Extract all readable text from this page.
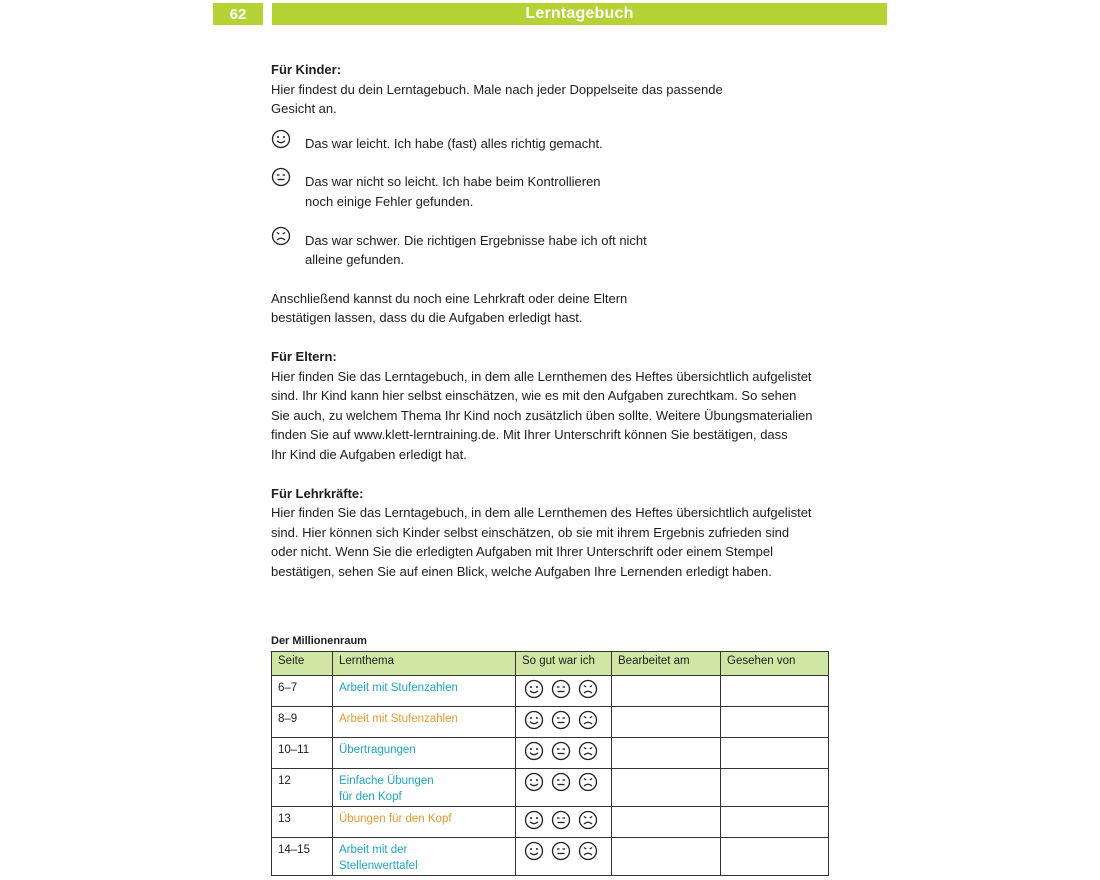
62	Lerntagebuch

Für Kinder:

Hier findest du dein Lerntagebuch. Male nach jeder Doppelseite das passende

Gesicht an.

Das war leicht. Ich habe (fast) alles richtig gemacht.

Das war nicht so leicht. Ich habe beim Kontrollieren

noch einige Fehler gefunden.

Das war schwer. Die richtigen Ergebnisse habe ich oft nicht

alleine gefunden.

Anschließend kannst du noch eine Lehrkraft oder deine Eltern

bestätigen lassen, dass du die Aufgaben erledigt hast.

Für Eltern:

Hier finden Sie das Lerntagebuch, in dem alle Lernthemen des Heftes übersichtlich aufgelistet

sind. Ihr Kind kann hier selbst einschätzen, wie es mit den Aufgaben zurechtkam. So sehen

Sie auch, zu welchem Thema Ihr Kind noch zusätzlich üben sollte. Weitere Übungsmaterialien

finden Sie auf www.klett-lerntraining.de. Mit Ihrer Unterschrift können Sie bestätigen, dass

Ihr Kind die Aufgaben erledigt hat.

Für Lehrkräfte:

Hier finden Sie das Lerntagebuch, in dem alle Lernthemen des Heftes übersichtlich aufgelistet

sind. Hier können sich Kinder selbst einschätzen, ob sie mit ihrem Ergebnis zufrieden sind

oder nicht. Wenn Sie die erledigten Aufgaben mit Ihrer Unterschrift oder einem Stempel

bestätigen, sehen Sie auf einen Blick, welche Aufgaben Ihre Lernenden erledigt haben.

Der Millionenraum
Seite	Lernthema	So gut war ich	Bearbeitet am	Gesehen von
6–7	Arbeit mit Stufenzahlen			
8–9	Arbeit mit Stufenzahlen			
10–11	Übertragungen			
12	Einfache Übungen
für den Kopf			
13	Übungen für den Kopf			
14–15	Arbeit mit der
Stellenwerttafel			
